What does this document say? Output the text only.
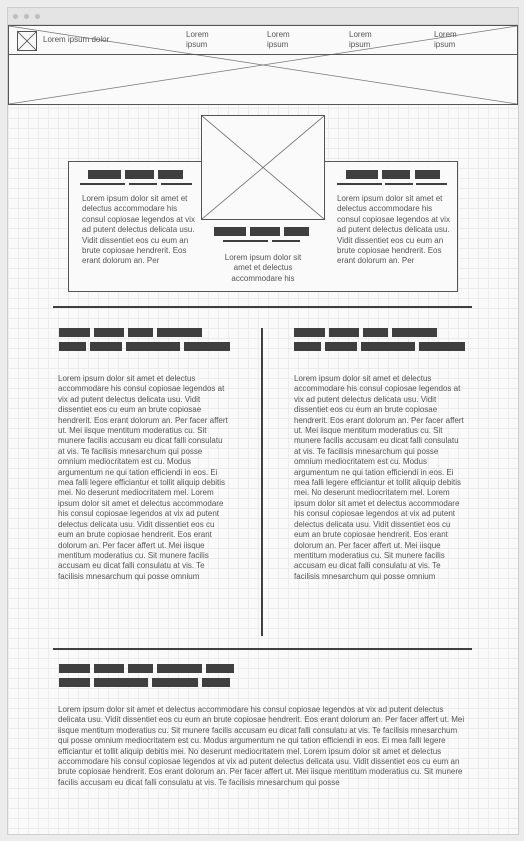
Lorem ipsum dolor
Lorem ipsum
Lorem ipsum
Lorem ipsum
Lorem ipsum
Lorem ipsum dolor sit amet et delectus accommodare his consul copiosae legendos at vix ad putent delectus delicata usu. Vidit dissentiet eos cu eum an brute copiosae hendrerit. Eos erant dolorum an. Per	Lorem ipsum dolor sit amet et delectus accommodare his
Lorem ipsum dolor sit amet et delectus accommodare his consul copiosae legendos at vix ad putent delectus delicata usu. Vidit dissentiet eos cu eum an brute copiosae hendrerit. Eos erant dolorum an. Per
Lorem ipsum dolor sit amet et delectus accommodare his consul copiosae legendos at vix ad putent delectus delicata usu. Vidit dissentiet eos cu eum an brute copiosae hendrerit. Eos erant dolorum an. Per facer affert ut. Mei iisque mentitum moderatius cu. Sit munere facilis accusam eu dicat falli consulatu at vis. Te facilisis mnesarchum qui posse omnium mediocritatem est cu. Modus argumentum ne qui tation efficiendi in eos. Ei mea falli legere efficiantur et tollit aliquip debitis mei. No deserunt mediocritatem mel. Lorem ipsum dolor sit amet et delectus accommodare his consul copiosae legendos at vix ad putent delectus delicata usu. Vidit dissentiet eos cu eum an brute copiosae hendrerit. Eos erant dolorum an. Per facer affert ut. Mei iisque mentitum moderatius cu. Sit munere facilis accusam eu dicat falli consulatu at vis. Te facilisis mnesarchum qui posse omnium
Lorem ipsum dolor sit amet et delectus accommodare his consul copiosae legendos at vix ad putent delectus delicata usu. Vidit dissentiet eos cu eum an brute copiosae hendrerit. Eos erant dolorum an. Per facer affert ut. Mei iisque mentitum moderatius cu. Sit munere facilis accusam eu dicat falli consulatu at vis. Te facilisis mnesarchum qui posse omnium mediocritatem est cu. Modus argumentum ne qui tation efficiendi in eos. Ei mea falli legere efficiantur et tollit aliquip debitis mei. No deserunt mediocritatem mel. Lorem ipsum dolor sit amet et delectus accommodare his consul copiosae legendos at vix ad putent delectus delicata usu. Vidit dissentiet eos cu eum an brute copiosae hendrerit. Eos erant dolorum an. Per facer affert ut. Mei iisque mentitum moderatius cu. Sit munere facilis accusam eu dicat falli consulatu at vis. Te facilisis mnesarchum qui posse omnium
Lorem ipsum dolor sit amet et delectus accommodare his consul copiosae legendos at vix ad putent delectus delicata usu. Vidit dissentiet eos cu eum an brute copiosae hendrerit. Eos erant dolorum an. Per facer affert ut. Mei iisque mentitum moderatius cu. Sit munere facilis accusam eu dicat falli consulatu at vis. Te facilisis mnesarchum qui posse omnium mediocritatem est cu. Modus argumentum ne qui tation efficiendi in eos. Ei mea falli legere efficiantur et tollit aliquip debitis mei. No deserunt mediocritatem mel. Lorem ipsum dolor sit amet et delectus accommodare his consul copiosae legendos at vix ad putent delectus delicata usu. Vidit dissentiet eos cu eum an brute copiosae hendrerit. Eos erant dolorum an. Per facer affert ut. Mei iisque mentitum moderatius cu. Sit munere facilis accusam eu dicat falli consulatu at vis. Te facilisis mnesarchum qui posse
